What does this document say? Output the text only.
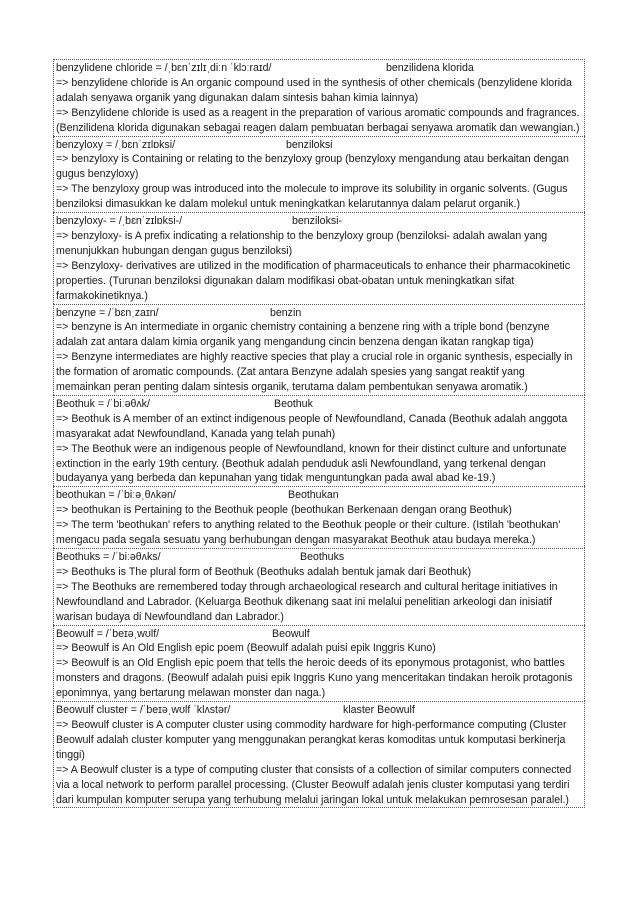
benzylidene chloride = /ˌbɛnˈzɪlɪˌdiːn ˈklɔːraɪd/	benzilidena klorida
=> benzylidene chloride is An organic compound used in the synthesis of other chemicals (benzylidene klorida adalah senyawa organik yang digunakan dalam sintesis bahan kimia lainnya)
=> Benzylidene chloride is used as a reagent in the preparation of various aromatic compounds and fragrances. (Benzilidena klorida digunakan sebagai reagen dalam pembuatan berbagai senyawa aromatik dan wewangian.)
benzyloxy = /ˌbɛnˈzɪlɒksi/	benziloksi
=> benzyloxy is Containing or relating to the benzyloxy group (benzyloxy mengandung atau berkaitan dengan gugus benzyloxy)
=> The benzyloxy group was introduced into the molecule to improve its solubility in organic solvents. (Gugus benziloksi dimasukkan ke dalam molekul untuk meningkatkan kelarutannya dalam pelarut organik.)
benzyloxy- = /ˌbɛnˈzɪlɒksi-/	benziloksi-
=> benzyloxy- is A prefix indicating a relationship to the benzyloxy group (benziloksi- adalah awalan yang menunjukkan hubungan dengan gugus benziloksi)
=> Benzyloxy- derivatives are utilized in the modification of pharmaceuticals to enhance their pharmacokinetic properties. (Turunan benziloksi digunakan dalam modifikasi obat-obatan untuk meningkatkan sifat farmakokinetiknya.)
benzyne = /ˈbɛnˌzaɪn/	benzin
=> benzyne is An intermediate in organic chemistry containing a benzene ring with a triple bond (benzyne adalah zat antara dalam kimia organik yang mengandung cincin benzena dengan ikatan rangkap tiga)
=> Benzyne intermediates are highly reactive species that play a crucial role in organic synthesis, especially in the formation of aromatic compounds. (Zat antara Benzyne adalah spesies yang sangat reaktif yang memainkan peran penting dalam sintesis organik, terutama dalam pembentukan senyawa aromatik.)
Beothuk = /ˈbiːəθʌk/	Beothuk
=> Beothuk is A member of an extinct indigenous people of Newfoundland, Canada (Beothuk adalah anggota masyarakat adat Newfoundland, Kanada yang telah punah)
=> The Beothuk were an indigenous people of Newfoundland, known for their distinct culture and unfortunate extinction in the early 19th century. (Beothuk adalah penduduk asli Newfoundland, yang terkenal dengan budayanya yang berbeda dan kepunahan yang tidak menguntungkan pada awal abad ke-19.)
beothukan = /ˈbiːəˌθʌkən/	Beothukan
=> beothukan is Pertaining to the Beothuk people (beothukan Berkenaan dengan orang Beothuk)
=> The term 'beothukan' refers to anything related to the Beothuk people or their culture. (Istilah 'beothukan' mengacu pada segala sesuatu yang berhubungan dengan masyarakat Beothuk atau budaya mereka.)
Beothuks = /ˈbiːəθʌks/	Beothuks
=> Beothuks is The plural form of Beothuk (Beothuks adalah bentuk jamak dari Beothuk)
=> The Beothuks are remembered today through archaeological research and cultural heritage initiatives in Newfoundland and Labrador. (Keluarga Beothuk dikenang saat ini melalui penelitian arkeologi dan inisiatif warisan budaya di Newfoundland dan Labrador.)
Beowulf = /ˈbeɪəˌwʊlf/	Beowulf
=> Beowulf is An Old English epic poem (Beowulf adalah puisi epik Inggris Kuno)
=> Beowulf is an Old English epic poem that tells the heroic deeds of its eponymous protagonist, who battles monsters and dragons. (Beowulf adalah puisi epik Inggris Kuno yang menceritakan tindakan heroik protagonis eponimnya, yang bertarung melawan monster dan naga.)
Beowulf cluster = /ˈbeɪəˌwʊlf ˈklʌstər/	klaster Beowulf
=> Beowulf cluster is A computer cluster using commodity hardware for high-performance computing (Cluster Beowulf adalah cluster komputer yang menggunakan perangkat keras komoditas untuk komputasi berkinerja tinggi)
=> A Beowulf cluster is a type of computing cluster that consists of a collection of similar computers connected via a local network to perform parallel processing. (Cluster Beowulf adalah jenis cluster komputasi yang terdiri dari kumpulan komputer serupa yang terhubung melalui jaringan lokal untuk melakukan pemrosesan paralel.)
